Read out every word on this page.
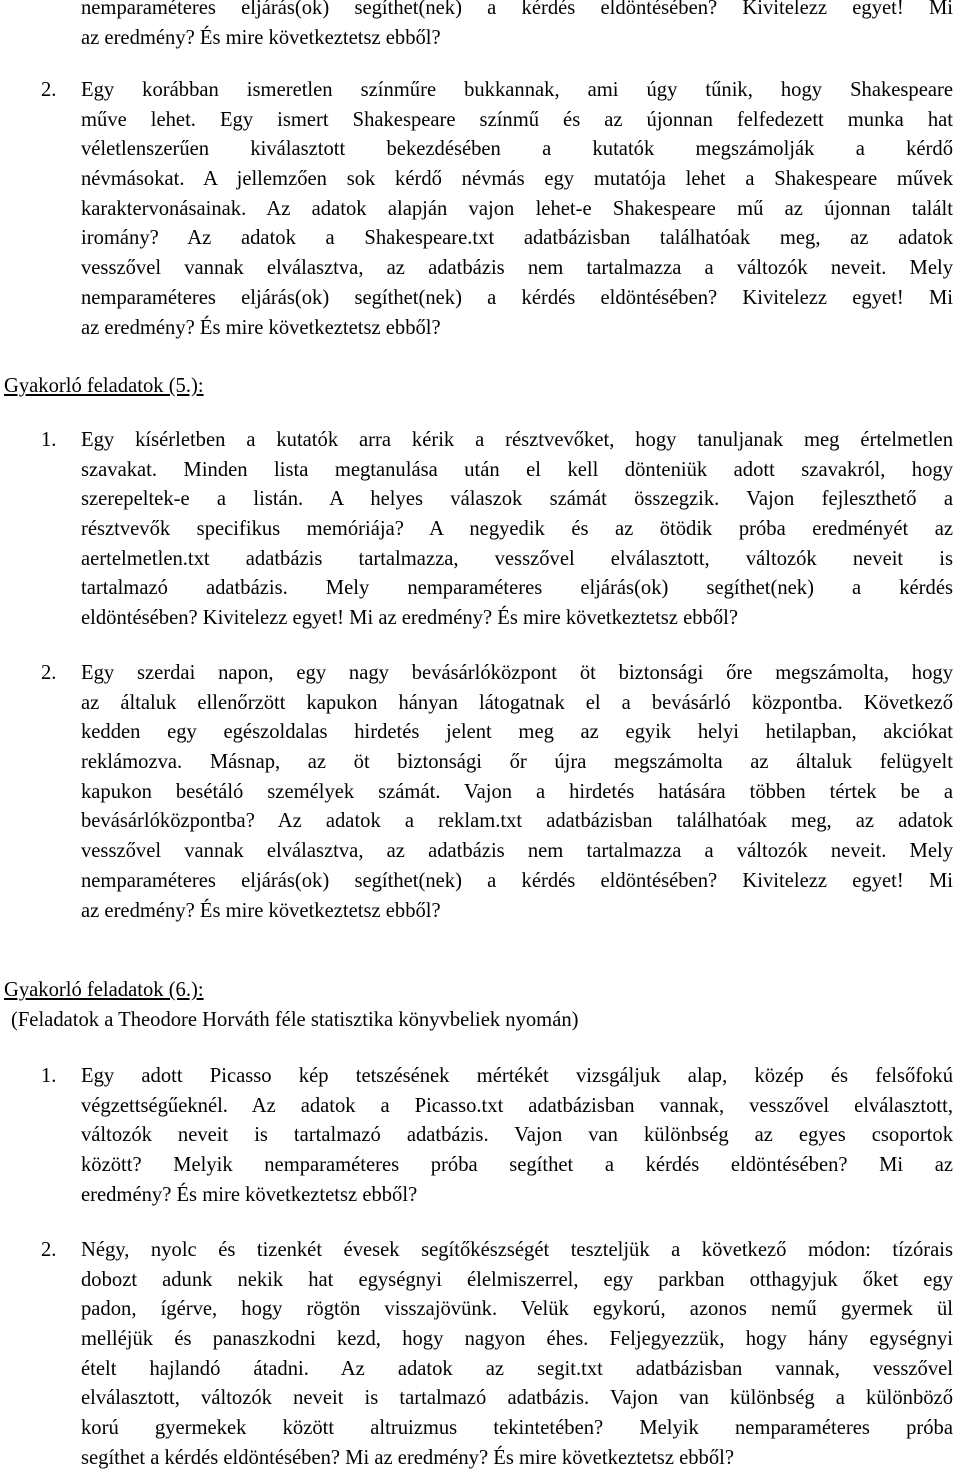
nemparaméteres eljárás(ok) segíthet(nek) a kérdés eldöntésében? Kivitelezz egyet! Mi
az eredmény? És mire következtetsz ebből?
2. Egy korábban ismeretlen színműre bukkannak, ami úgy tűnik, hogy Shakespeare
műve lehet. Egy ismert Shakespeare színmű és az újonnan felfedezett munka hat
véletlenszerűen kiválasztott bekezdésében a kutatók megszámolják a kérdő
névmásokat. A jellemzően sok kérdő névmás egy mutatója lehet a Shakespeare művek
karaktervonásainak. Az adatok alapján vajon lehet-e Shakespeare mű az újonnan talált
iromány? Az adatok a Shakespeare.txt adatbázisban találhatóak meg, az adatok
vesszővel vannak elválasztva, az adatbázis nem tartalmazza a változók neveit. Mely
nemparaméteres eljárás(ok) segíthet(nek) a kérdés eldöntésében? Kivitelezz egyet! Mi
az eredmény? És mire következtetsz ebből?
Gyakorló feladatok (5.):
1. Egy kísérletben a kutatók arra kérik a résztvevőket, hogy tanuljanak meg értelmetlen
szavakat. Minden lista megtanulása után el kell dönteniük adott szavakról, hogy
szerepeltek-e a listán. A helyes válaszok számát összegzik. Vajon fejleszthető a
résztvevők specifikus memóriája? A negyedik és az ötödik próba eredményét az
aertelmetlen.txt adatbázis tartalmazza, vesszővel elválasztott, változók neveit is
tartalmazó adatbázis. Mely nemparaméteres eljárás(ok) segíthet(nek) a kérdés
eldöntésében? Kivitelezz egyet! Mi az eredmény? És mire következtetsz ebből?
2. Egy szerdai napon, egy nagy bevásárlóközpont öt biztonsági őre megszámolta, hogy
az általuk ellenőrzött kapukon hányan látogatnak el a bevásárló központba. Következő
kedden egy egészoldalas hirdetés jelent meg az egyik helyi hetilapban, akciókat
reklámozva. Másnap, az öt biztonsági őr újra megszámolta az általuk felügyelt
kapukon besétáló személyek számát. Vajon a hirdetés hatására többen tértek be a
bevásárlóközpontba? Az adatok a reklam.txt adatbázisban találhatóak meg, az adatok
vesszővel vannak elválasztva, az adatbázis nem tartalmazza a változók neveit. Mely
nemparaméteres eljárás(ok) segíthet(nek) a kérdés eldöntésében? Kivitelezz egyet! Mi
az eredmény? És mire következtetsz ebből?
Gyakorló feladatok (6.):
(Feladatok a Theodore Horváth féle statisztika könyvbeliek nyomán)
1. Egy adott Picasso kép tetszésének mértékét vizsgáljuk alap, közép és felsőfokú
végzettségűeknél. Az adatok a Picasso.txt adatbázisban vannak, vesszővel elválasztott,
változók neveit is tartalmazó adatbázis. Vajon van különbség az egyes csoportok
között? Melyik nemparaméteres próba segíthet a kérdés eldöntésében? Mi az
eredmény? És mire következtetsz ebből?
2. Négy, nyolc és tizenkét évesek segítőkészségét teszteljük a következő módon: tízórais
dobozt adunk nekik hat egységnyi élelmiszerrel, egy parkban otthagyjuk őket egy
padon, ígérve, hogy rögtön visszajövünk. Velük egykorú, azonos nemű gyermek ül
melléjük és panaszkodni kezd, hogy nagyon éhes. Feljegyezzük, hogy hány egységnyi
ételt hajlandó átadni. Az adatok az segit.txt adatbázisban vannak, vesszővel
elválasztott, változók neveit is tartalmazó adatbázis. Vajon van különbség a különböző
korú gyermekek között altruizmus tekintetében? Melyik nemparaméteres próba
segíthet a kérdés eldöntésében? Mi az eredmény? És mire következtetsz ebből?
